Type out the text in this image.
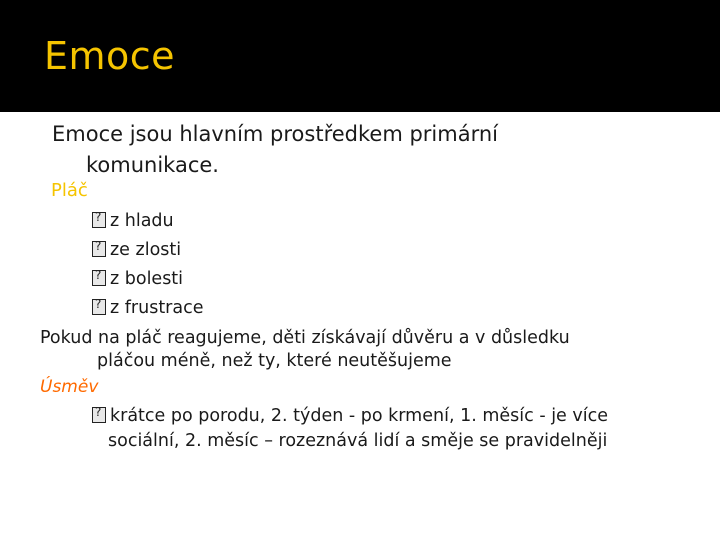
Emoce
Emoce jsou hlavním prostředkem primární
komunikace.
Pláč
?z hladu
?ze zlosti
?z bolesti
?z frustrace
Pokud na pláč reagujeme, děti získávají důvěru a v důsledku
pláčou méně, než ty, které neutěšujeme
Úsměv
?krátce po porodu, 2. týden - po krmení, 1. měsíc - je více
sociální, 2. měsíc – rozeznává lidí a směje se pravidelněji
